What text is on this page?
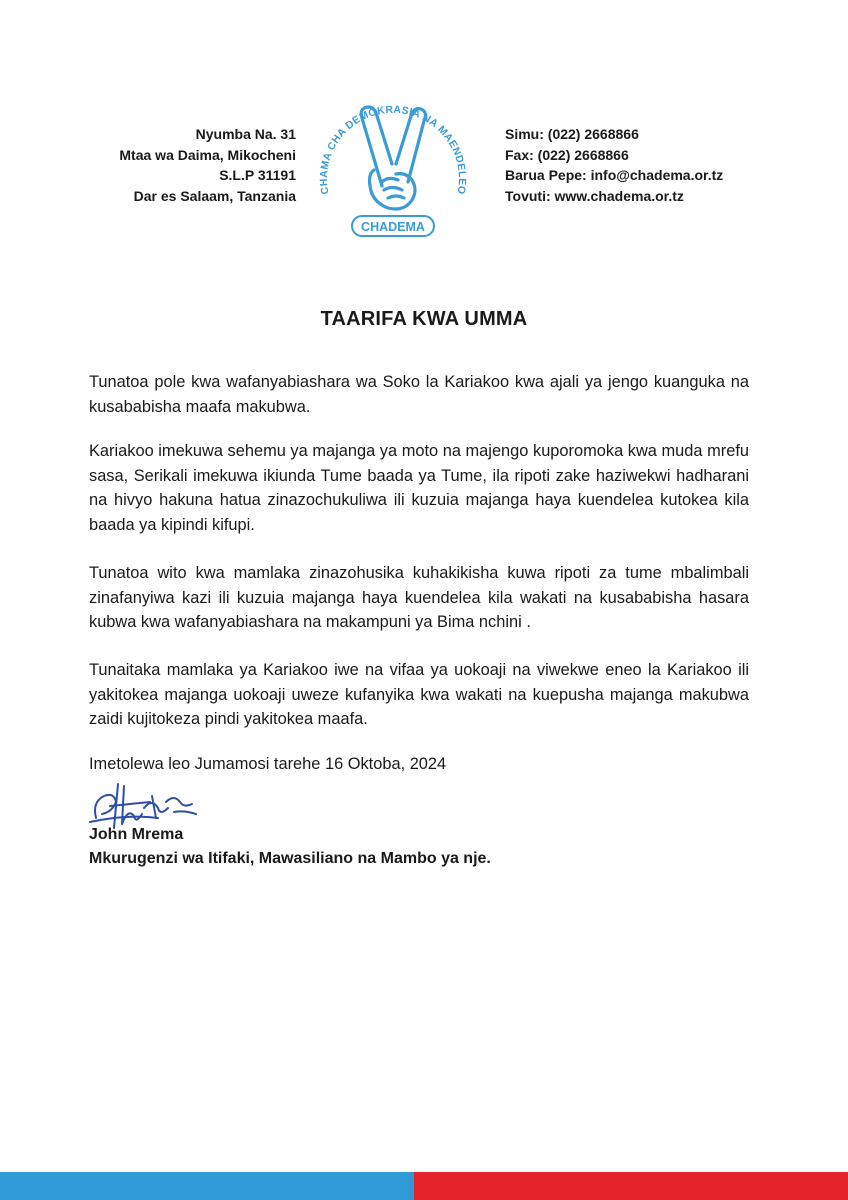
Nyumba Na. 31
Mtaa wa Daima, Mikocheni
S.L.P 31191
Dar es Salaam, Tanzania CHAMA CHA DEMOKRASIA NA MAENDELEO
CHADEMA
Simu: (022) 2668866
Fax: (022) 2668866
Barua Pepe: info@chadema.or.tz
Tovuti: www.chadema.or.tz
TAARIFA KWA UMMA

Tunatoa pole kwa wafanyabiashara wa Soko la Kariakoo kwa ajali ya jengo kuanguka na kusababisha maafa makubwa.

Kariakoo imekuwa sehemu ya majanga ya moto na majengo kuporomoka kwa muda mrefu sasa, Serikali imekuwa ikiunda Tume baada ya Tume, ila ripoti zake haziwekwi hadharani na hivyo hakuna hatua zinazochukuliwa ili kuzuia majanga haya kuendelea kutokea kila baada ya kipindi kifupi.

Tunatoa wito kwa mamlaka zinazohusika kuhakikisha kuwa ripoti za tume mbalimbali zinafanyiwa kazi ili kuzuia majanga haya kuendelea kila wakati na kusababisha hasara kubwa kwa wafanyabiashara na makampuni ya Bima nchini .

Tunaitaka mamlaka ya Kariakoo iwe na vifaa ya uokoaji na viwekwe eneo la Kariakoo ili yakitokea majanga uokoaji uweze kufanyika kwa wakati na kuepusha majanga makubwa zaidi kujitokeza pindi yakitokea maafa.

Imetolewa leo Jumamosi tarehe 16 Oktoba, 2024
John Mrema
Mkurugenzi wa Itifaki, Mawasiliano na Mambo ya nje.
